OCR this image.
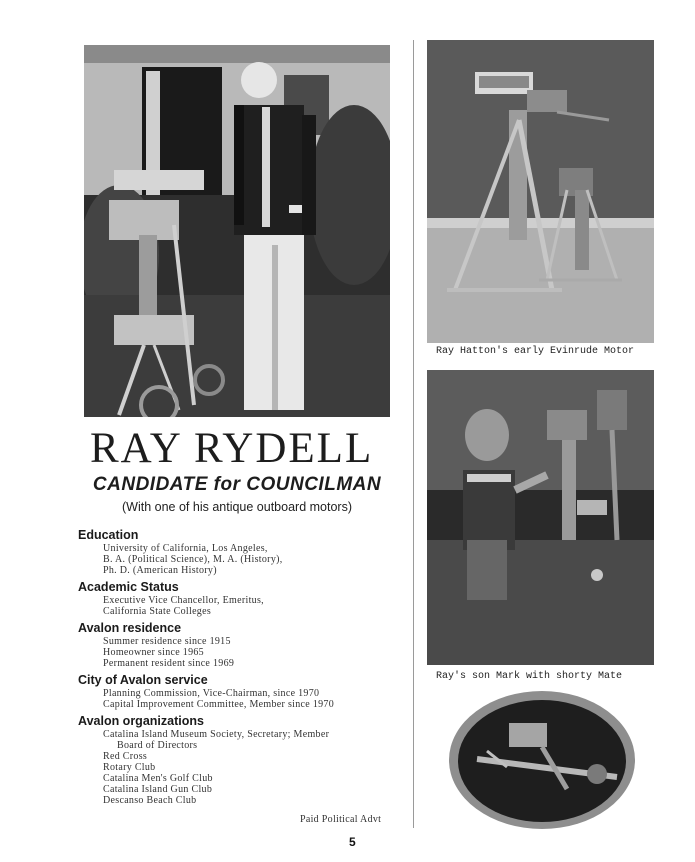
Ray Hatton's early Evinrude Motor
Ray's son Mark with shorty Mate
RAY RYDELL
CANDIDATE for COUNCILMAN
(With one of his antique outboard motors)
Education
University of California, Los Angeles,
B. A. (Political Science), M. A. (History),
Ph. D. (American History)
Academic Status
Executive Vice Chancellor, Emeritus,
California State Colleges
Avalon residence
Summer residence since 1915
Homeowner since 1965
Permanent resident since 1969
City of Avalon service
Planning Commission, Vice-Chairman, since 1970
Capital Improvement Committee, Member since 1970
Avalon organizations
Catalina Island Museum Society, Secretary; Member
Board of Directors
Red Cross
Rotary Club
Catalina Men's Golf Club
Catalina Island Gun Club
Descanso Beach Club
Paid Political Advt
5
